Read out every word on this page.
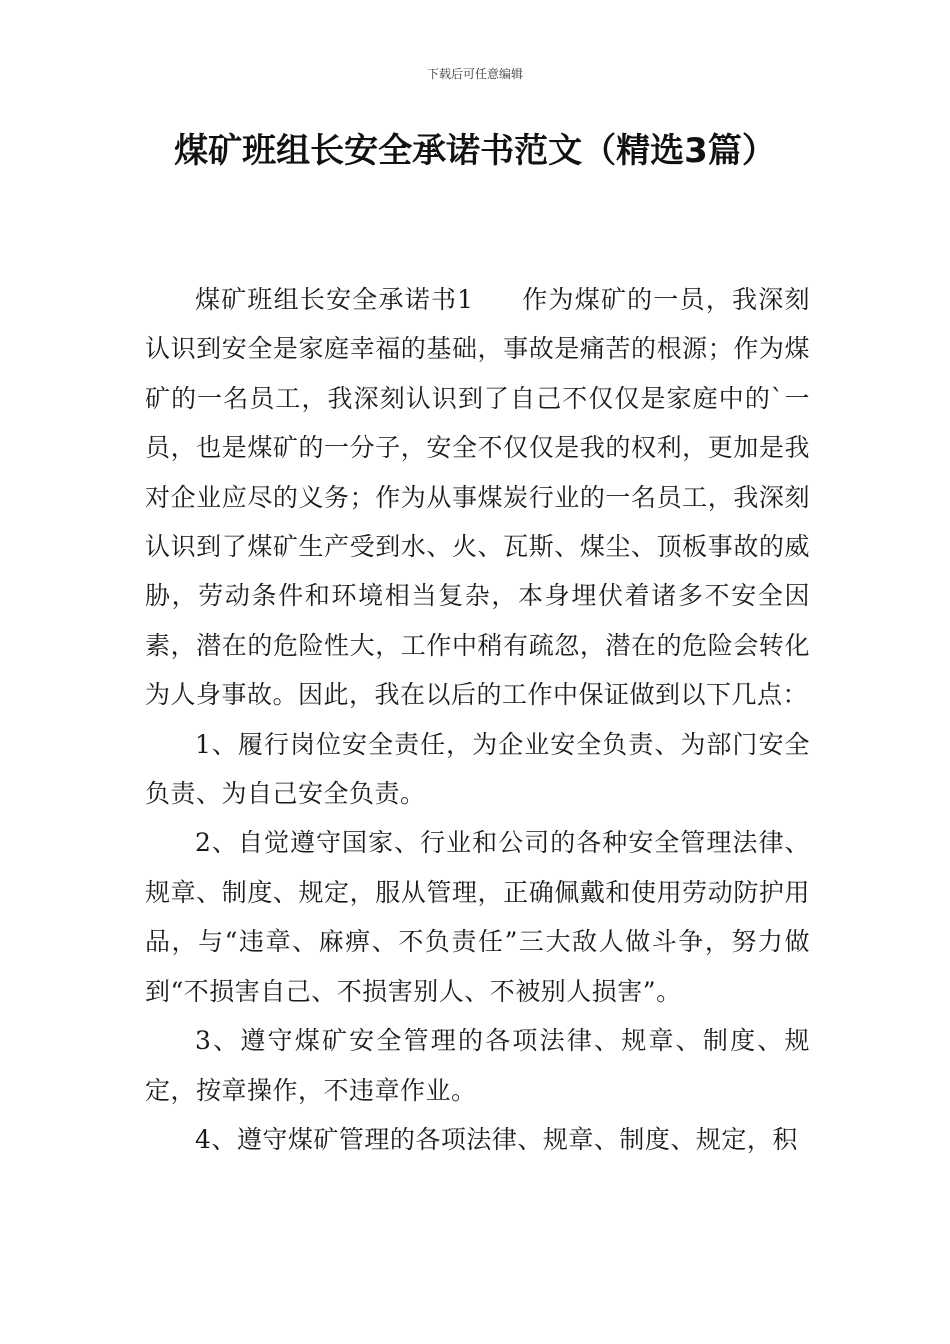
下载后可任意编辑
煤矿班组长安全承诺书范文（精选3篇）

煤矿班组长安全承诺书1 作为煤矿的一员，我深刻认识到安全是家庭幸福的基础，事故是痛苦的根源；作为煤矿的一名员工，我深刻认识到了自己不仅仅是家庭中的`一员，也是煤矿的一分子，安全不仅仅是我的权利，更加是我对企业应尽的义务；作为从事煤炭行业的一名员工，我深刻认识到了煤矿生产受到水、火、瓦斯、煤尘、顶板事故的威胁，劳动条件和环境相当复杂，本身埋伏着诸多不安全因素，潜在的危险性大，工作中稍有疏忽，潜在的危险会转化为人身事故。因此，我在以后的工作中保证做到以下几点：

1、履行岗位安全责任，为企业安全负责、为部门安全负责、为自己安全负责。

2、自觉遵守国家、行业和公司的各种安全管理法律、规章、制度、规定，服从管理，正确佩戴和使用劳动防护用品，与“违章、麻痹、不负责任”三大敌人做斗争，努力做到“不损害自己、不损害别人、不被别人损害”。

3、遵守煤矿安全管理的各项法律、规章、制度、规定，按章操作，不违章作业。

4、遵守煤矿管理的各项法律、规章、制度、规定，积
